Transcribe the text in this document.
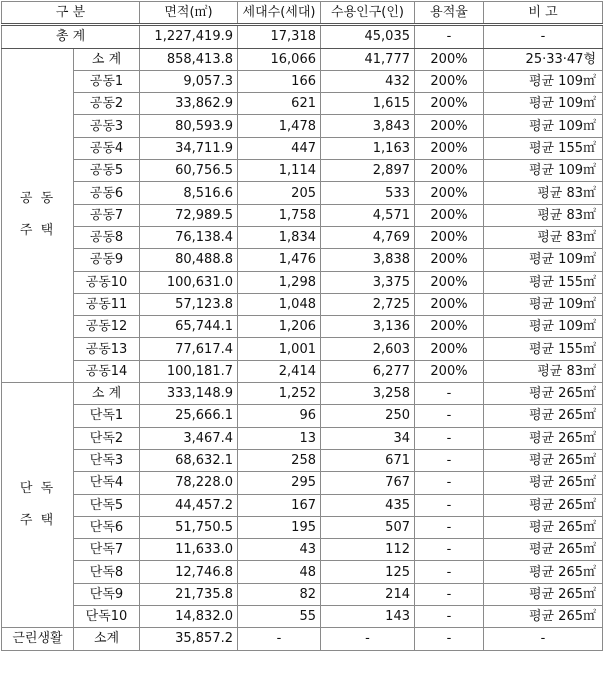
구 분		면적(㎡)	세대수(세대)	수용인구(인)	용적율	비 고
총 계		1,227,419.9	17,318	45,035	-	-

공 동
주 택	소 계	858,413.8	16,066	41,777	200%	25·33·47형
	공동1	9,057.3	166	432	200%	평균 109㎡
	공동2	33,862.9	621	1,615	200%	평균 109㎡
	공동3	80,593.9	1,478	3,843	200%	평균 109㎡
	공동4	34,711.9	447	1,163	200%	평균 155㎡
	공동5	60,756.5	1,114	2,897	200%	평균 109㎡
	공동6	8,516.6	205	533	200%	평균 83㎡
	공동7	72,989.5	1,758	4,571	200%	평균 83㎡
	공동8	76,138.4	1,834	4,769	200%	평균 83㎡
	공동9	80,488.8	1,476	3,838	200%	평균 109㎡
	공동10	100,631.0	1,298	3,375	200%	평균 155㎡
	공동11	57,123.8	1,048	2,725	200%	평균 109㎡
	공동12	65,744.1	1,206	3,136	200%	평균 109㎡
	공동13	77,617.4	1,001	2,603	200%	평균 155㎡
	공동14	100,181.7	2,414	6,277	200%	평균 83㎡

단 독
주 택	소 계	333,148.9	1,252	3,258	-	평균 265㎡
	단독1	25,666.1	96	250	-	평균 265㎡
	단독2	3,467.4	13	34	-	평균 265㎡
	단독3	68,632.1	258	671	-	평균 265㎡
	단독4	78,228.0	295	767	-	평균 265㎡
	단독5	44,457.2	167	435	-	평균 265㎡
	단독6	51,750.5	195	507	-	평균 265㎡
	단독7	11,633.0	43	112	-	평균 265㎡
	단독8	12,746.8	48	125	-	평균 265㎡
	단독9	21,735.8	82	214	-	평균 265㎡
	단독10	14,832.0	55	143	-	평균 265㎡
근린생활	소계	35,857.2	-	-	-	-
